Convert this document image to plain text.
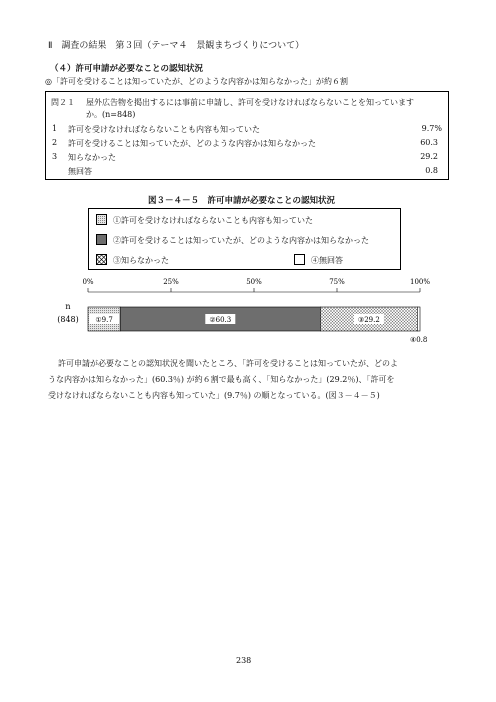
Ⅱ　調査の結果　第３回（テーマ４　景観まちづくりについて）
（４）許可申請が必要なことの認知状況
◎「許可を受けることは知っていたが、どのような内容かは知らなかった」が約６割
問２１ 屋外広告物を掲出するには事前に申請し、許可を受けなければならないことを知っています
か。(n=848)
1 許可を受けなければならないことも内容も知っていた	9.7%
2 許可を受けることは知っていたが、どのような内容かは知らなかった	60.3
3 知らなかった	29.2
無回答	0.8
図３－４－５　許可申請が必要なことの認知状況
①許可を受けなければならないことも内容も知っていた
②許可を受けることは知っていたが、どのような内容かは知らなかった
③知らなかった	④無回答
0%	25%	50%	75%	100%
n
(848) ①9.7	②60.3	③29.2
④0.8
許可申請が必要なことの認知状況を聞いたところ、「許可を受けることは知っていたが、どのよ
うな内容かは知らなかった」(60.3％) が約６割で最も高く、「知らなかった」(29.2％)、「許可を
受けなければならないことも内容も知っていた」(9.7％) の順となっている。(図３－４－５)
238
